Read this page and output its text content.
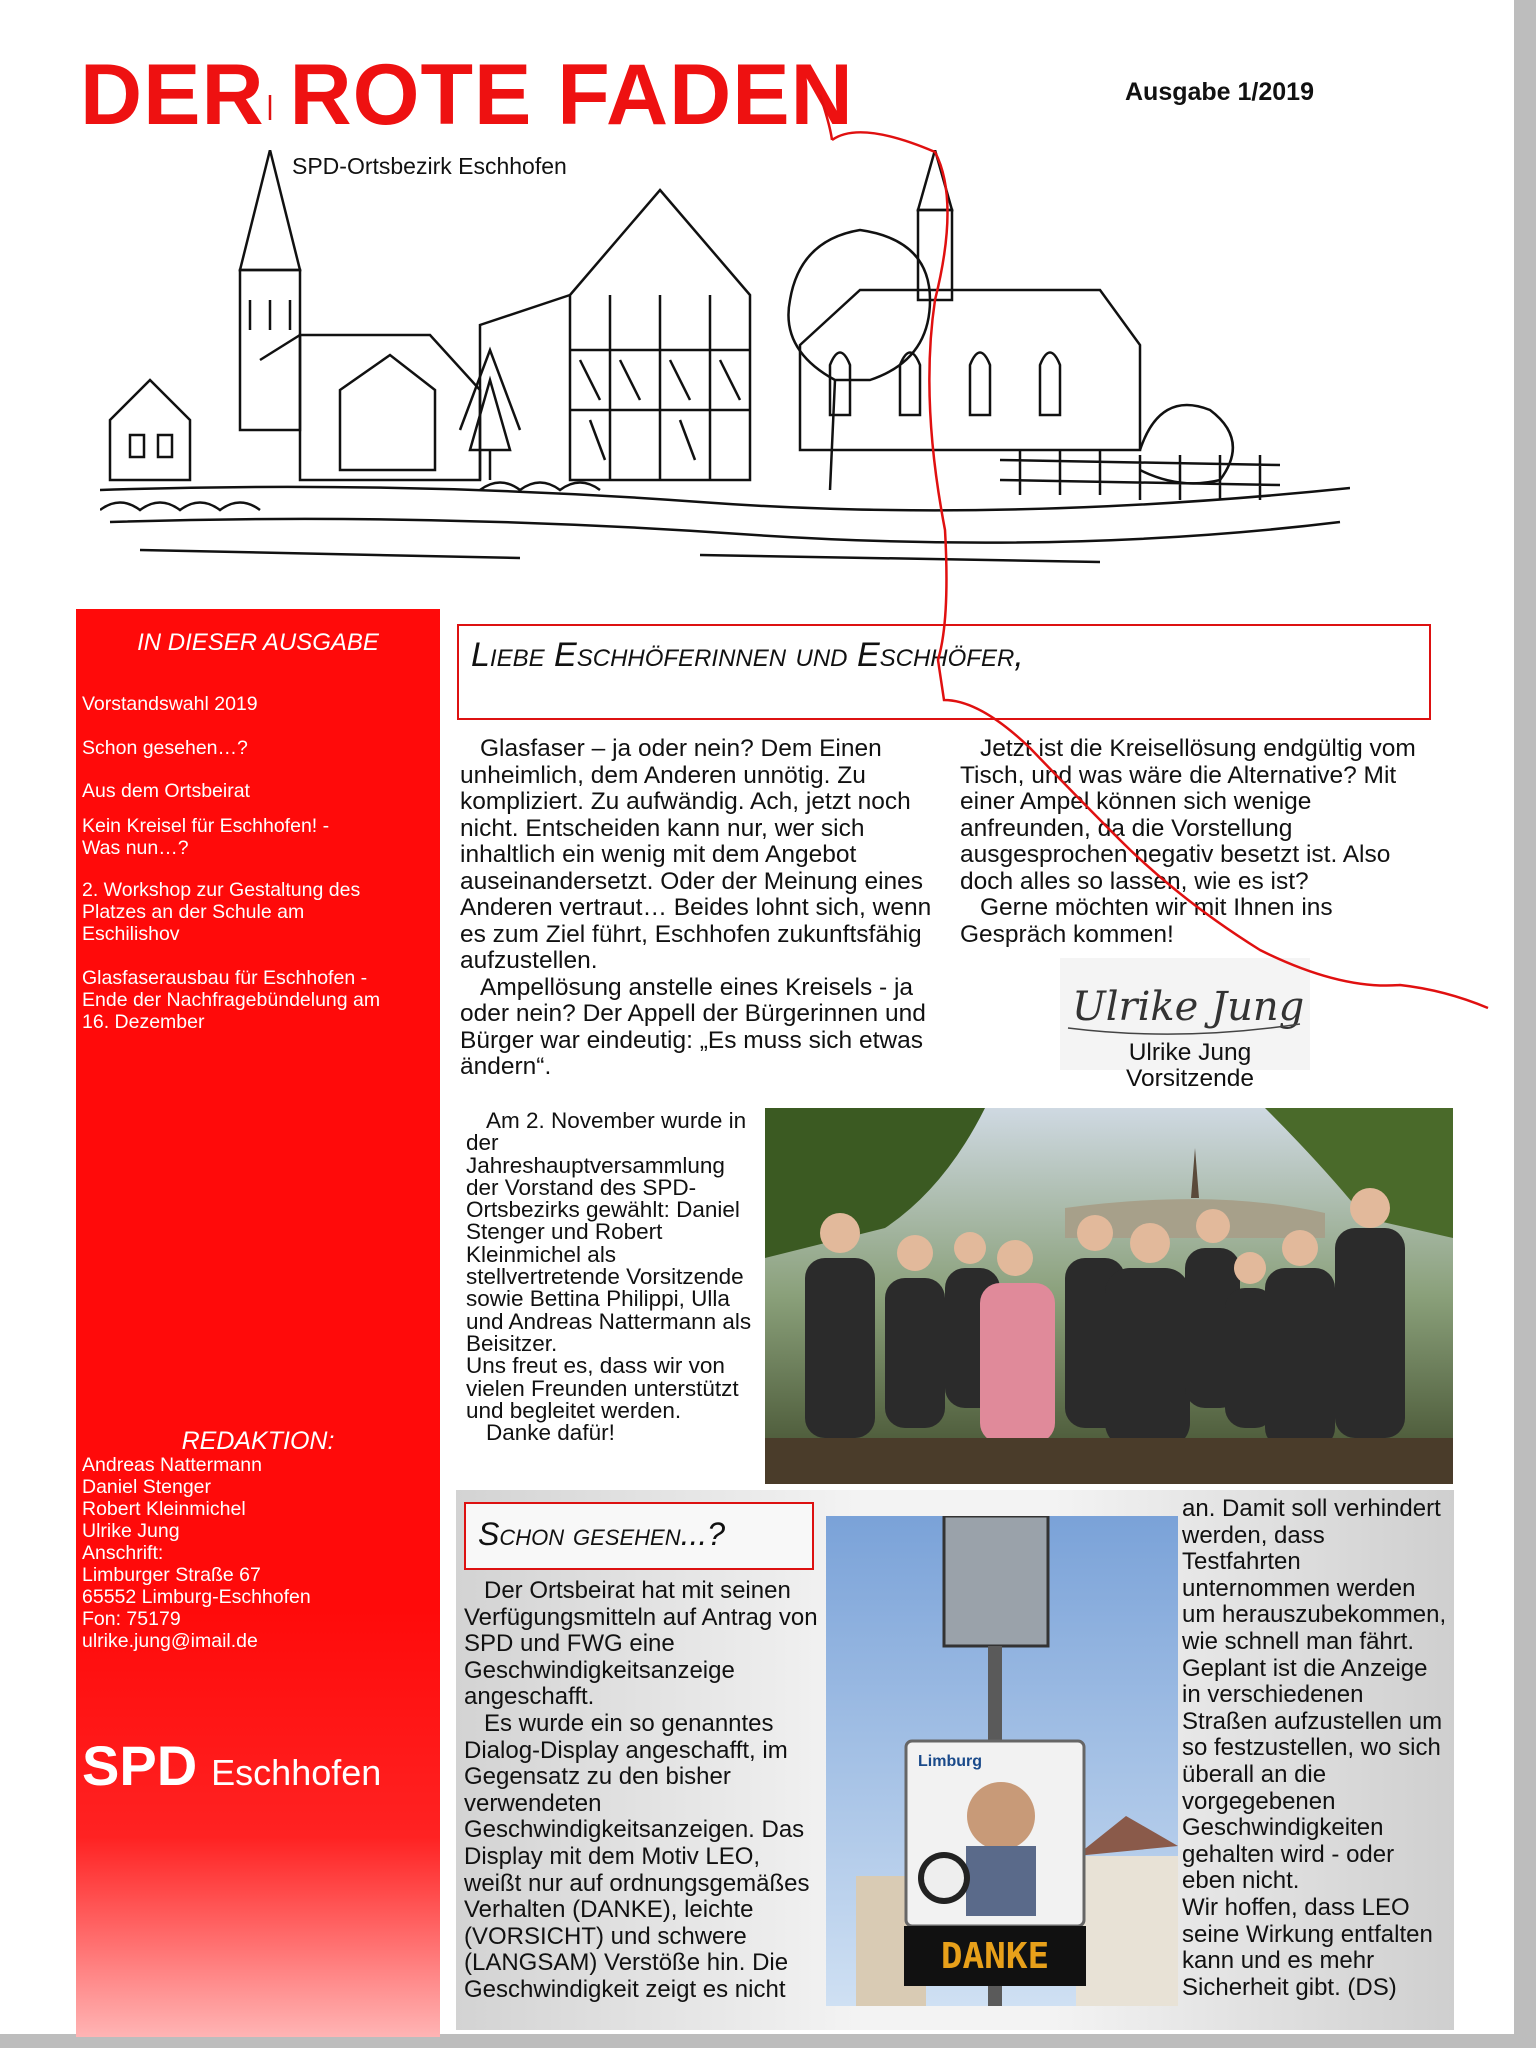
DER ROTE FADEN
SPD-Ortsbezirk Eschhofen
Ausgabe 1/2019
IN DIESER AUSGABE
Vorstandswahl 2019
Schon gesehen…?
Aus dem Ortsbeirat
Kein Kreisel für Eschhofen! -
Was nun…?
2. Workshop zur Gestaltung des
Platzes an der Schule am
Eschilishov
Glasfaserausbau für Eschhofen -
Ende der Nachfragebündelung am
16. Dezember
REDAKTION:
Andreas Nattermann
Daniel Stenger
Robert Kleinmichel
Ulrike Jung
Anschrift:
Limburger Straße 67
65552 Limburg-Eschhofen
Fon: 75179
ulrike.jung@imail.de
SPD Eschhofen
Liebe Eschhöferinnen und Eschhöfer,

Glasfaser – ja oder nein? Dem Einen unheimlich, dem Anderen unnötig. Zu kompliziert. Zu aufwändig. Ach, jetzt noch nicht. Entscheiden kann nur, wer sich inhaltlich ein wenig mit dem Angebot auseinandersetzt. Oder der Meinung eines Anderen vertraut… Beides lohnt sich, wenn es zum Ziel führt, Eschhofen zukunftsfähig aufzustellen.

Ampellösung anstelle eines Kreisels - ja oder nein? Der Appell der Bürgerinnen und Bürger war eindeutig: „Es muss sich etwas ändern“.

Jetzt ist die Kreisellösung endgültig vom Tisch, und was wäre die Alternative? Mit einer Ampel können sich wenige anfreunden, da die Vorstellung ausgesprochen negativ besetzt ist. Also doch alles so lassen, wie es ist?

Gerne möchten wir mit Ihnen ins Gespräch kommen!

Ulrike Jung
Ulrike Jung
Vorsitzende

Am 2. November wurde in der Jahreshauptversammlung der Vorstand des SPD-Ortsbezirks gewählt: Daniel Stenger und Robert Kleinmichel als stellvertretende Vorsitzende sowie Bettina Philippi, Ulla und Andreas Nattermann als Beisitzer.

Uns freut es, dass wir von vielen Freunden unterstützt und begleitet werden.

Danke dafür!

Schon gesehen...?

Der Ortsbeirat hat mit seinen Verfügungsmitteln auf Antrag von SPD und FWG eine Geschwindigkeitsanzeige angeschafft.

Es wurde ein so genanntes Dialog-Display angeschafft, im Gegensatz zu den bisher verwendeten Geschwindigkeitsanzeigen. Das Display mit dem Motiv LEO, weißt nur auf ordnungsgemäßes Verhalten (DANKE), leichte (VORSICHT) und schwere (LANGSAM) Verstöße hin. Die Geschwindigkeit zeigt es nicht

Limburg
DANKE

an. Damit soll verhindert werden, dass Testfahrten unternommen werden um herauszubekommen, wie schnell man fährt. Geplant ist die Anzeige in verschiedenen Straßen aufzustellen um so festzustellen, wo sich überall an die vorgegebenen Geschwindigkeiten gehalten wird - oder eben nicht.

Wir hoffen, dass LEO seine Wirkung entfalten kann und es mehr Sicherheit gibt. (DS)
